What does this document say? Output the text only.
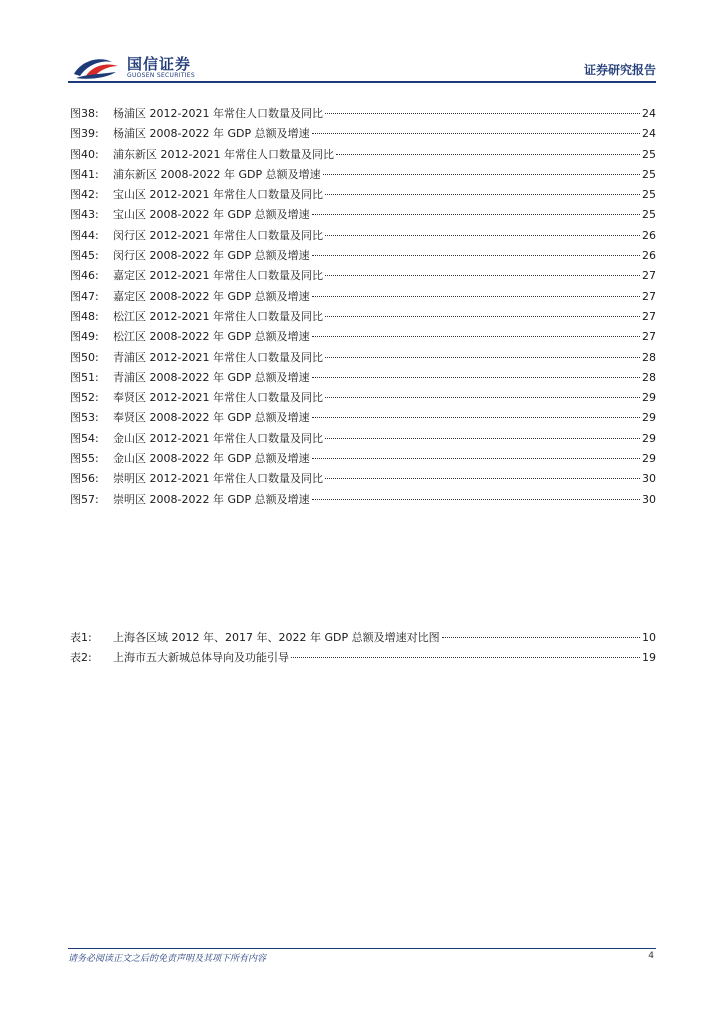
国信证券
GUOSEN SECURITIES	证券研究报告
图38:	杨浦区 2012-2021 年常住人口数量及同比	24
图39:	杨浦区 2008-2022 年 GDP 总额及增速	24
图40:	浦东新区 2012-2021 年常住人口数量及同比	25
图41:	浦东新区 2008-2022 年 GDP 总额及增速	25
图42:	宝山区 2012-2021 年常住人口数量及同比	25
图43:	宝山区 2008-2022 年 GDP 总额及增速	25
图44:	闵行区 2012-2021 年常住人口数量及同比	26
图45:	闵行区 2008-2022 年 GDP 总额及增速	26
图46:	嘉定区 2012-2021 年常住人口数量及同比	27
图47:	嘉定区 2008-2022 年 GDP 总额及增速	27
图48:	松江区 2012-2021 年常住人口数量及同比	27
图49:	松江区 2008-2022 年 GDP 总额及增速	27
图50:	青浦区 2012-2021 年常住人口数量及同比	28
图51:	青浦区 2008-2022 年 GDP 总额及增速	28
图52:	奉贤区 2012-2021 年常住人口数量及同比	29
图53:	奉贤区 2008-2022 年 GDP 总额及增速	29
图54:	金山区 2012-2021 年常住人口数量及同比	29
图55:	金山区 2008-2022 年 GDP 总额及增速	29
图56:	崇明区 2012-2021 年常住人口数量及同比	30
图57:	崇明区 2008-2022 年 GDP 总额及增速	30
表1:	上海各区域 2012 年、2017 年、2022 年 GDP 总额及增速对比图	10
表2:	上海市五大新城总体导向及功能引导	19
请务必阅读正文之后的免责声明及其项下所有内容	4
